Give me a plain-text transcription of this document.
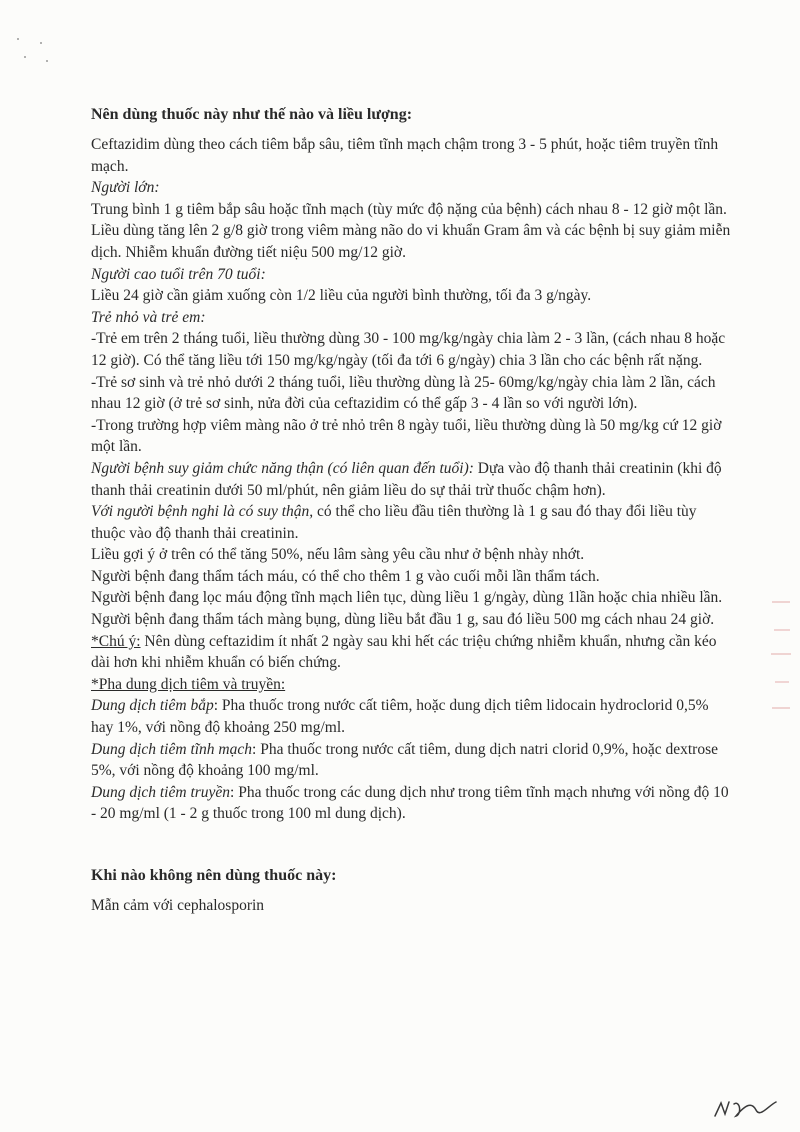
Nên dùng thuốc này như thế nào và liều lượng:

Ceftazidim dùng theo cách tiêm bắp sâu, tiêm tĩnh mạch chậm trong 3 - 5 phút, hoặc tiêm truyền tĩnh mạch.

Người lớn:

Trung bình 1 g tiêm bắp sâu hoặc tĩnh mạch (tùy mức độ nặng của bệnh) cách nhau 8 - 12 giờ một lần. Liều dùng tăng lên 2 g/8 giờ trong viêm màng não do vi khuẩn Gram âm và các bệnh bị suy giảm miễn dịch. Nhiễm khuẩn đường tiết niệu 500 mg/12 giờ.

Người cao tuổi trên 70 tuổi:

Liều 24 giờ cần giảm xuống còn 1/2 liều của người bình thường, tối đa 3 g/ngày.

Trẻ nhỏ và trẻ em:

-Trẻ em trên 2 tháng tuổi, liều thường dùng 30 - 100 mg/kg/ngày chia làm 2 - 3 lần, (cách nhau 8 hoặc 12 giờ). Có thể tăng liều tới 150 mg/kg/ngày (tối đa tới 6 g/ngày) chia 3 lần cho các bệnh rất nặng.

-Trẻ sơ sinh và trẻ nhỏ dưới 2 tháng tuổi, liều thường dùng là 25- 60mg/kg/ngày chia làm 2 lần, cách nhau 12 giờ (ở trẻ sơ sinh, nửa đời của ceftazidim có thể gấp 3 - 4 lần so với người lớn).

-Trong trường hợp viêm màng não ở trẻ nhỏ trên 8 ngày tuổi, liều thường dùng là 50 mg/kg cứ 12 giờ một lần.

Người bệnh suy giảm chức năng thận (có liên quan đến tuổi): Dựa vào độ thanh thải creatinin (khi độ thanh thải creatinin dưới 50 ml/phút, nên giảm liều do sự thải trừ thuốc chậm hơn).

Với người bệnh nghi là có suy thận, có thể cho liều đầu tiên thường là 1 g sau đó thay đổi liều tùy thuộc vào độ thanh thải creatinin.

Liều gợi ý ở trên có thể tăng 50%, nếu lâm sàng yêu cầu như ở bệnh nhày nhớt.

Người bệnh đang thẩm tách máu, có thể cho thêm 1 g vào cuối mỗi lần thẩm tách.

Người bệnh đang lọc máu động tĩnh mạch liên tục, dùng liều 1 g/ngày, dùng 1lần hoặc chia nhiều lần.

Người bệnh đang thẩm tách màng bụng, dùng liều bắt đầu 1 g, sau đó liều 500 mg cách nhau 24 giờ.

*Chú ý: Nên dùng ceftazidim ít nhất 2 ngày sau khi hết các triệu chứng nhiễm khuẩn, nhưng cần kéo dài hơn khi nhiễm khuẩn có biến chứng.

*Pha dung dịch tiêm và truyền:

Dung dịch tiêm bắp: Pha thuốc trong nước cất tiêm, hoặc dung dịch tiêm lidocain hydroclorid 0,5% hay 1%, với nồng độ khoảng 250 mg/ml.

Dung dịch tiêm tĩnh mạch: Pha thuốc trong nước cất tiêm, dung dịch natri clorid 0,9%, hoặc dextrose 5%, với nồng độ khoảng 100 mg/ml.

Dung dịch tiêm truyền: Pha thuốc trong các dung dịch như trong tiêm tĩnh mạch nhưng với nồng độ 10 - 20 mg/ml (1 - 2 g thuốc trong 100 ml dung dịch).

Khi nào không nên dùng thuốc này:

Mẫn cảm với cephalosporin
